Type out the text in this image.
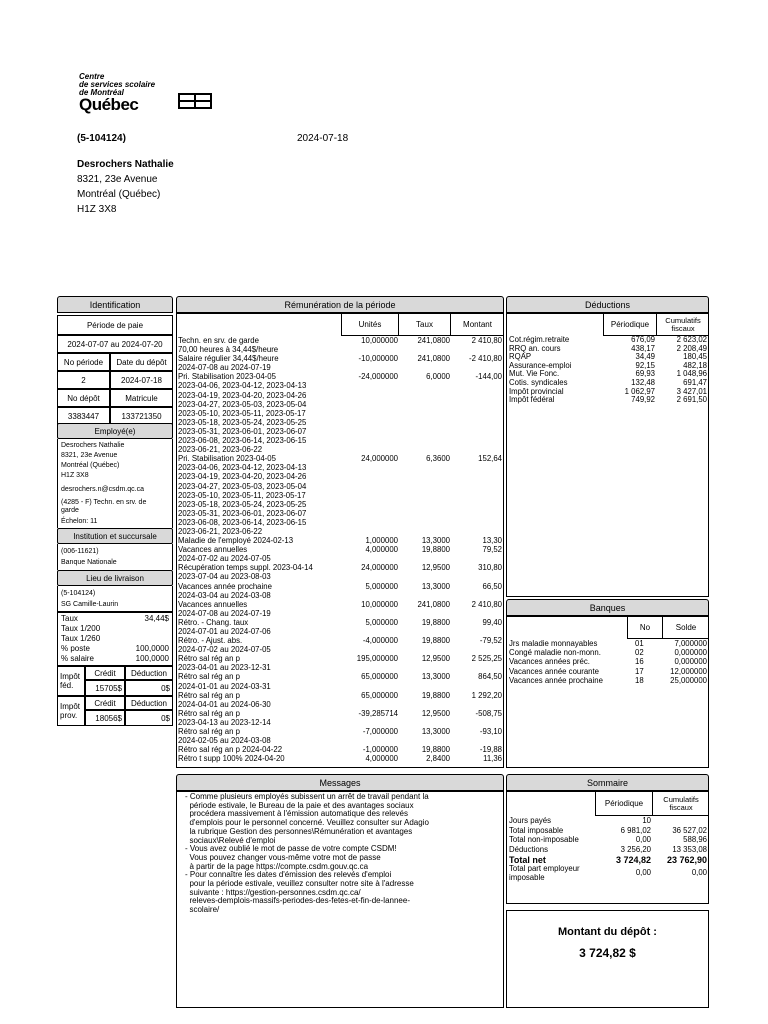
Centre
de services scolaire
de Montréal
Québec
(5-104124)	2024-07-18
Desrochers Nathalie
8321, 23e Avenue
Montréal (Québec)
H1Z 3X8
Identification
Période de paie
2024-07-07 au 2024-07-20
No période Date du dépôt
2	2024-07-18
No dépôt	Matricule
3383447	133721350
Employé(e)
Desrochers Nathalie
8321, 23e Avenue
Montréal (Québec)
H1Z 3X8
desrochers.n@csdm.qc.ca
(4285 - F) Techn. en srv. de
garde
Échelon: 11
Institution et succursale
(006-11621)
Banque Nationale
Lieu de livraison
(5-104124)
SG Camille-Laurin
Taux	34,44$
Taux 1/200
Taux 1/260
% poste	100,0000
% salaire	100,0000
Impôt
féd.
Crédit Déduction
15705$	0$
Impôt
prov.
Crédit Déduction
18056$	0$
Rémunération de la période
Unités	Taux	Montant
Techn. en srv. de garde	10,000000	241,0800	2 410,80
70,00 heures à 34,44$/heure
Salaire régulier 34,44$/heure	-10,000000	241,0800	-2 410,80
2024-07-08 au 2024-07-19
Pri. Stabilisation 2023-04-05	-24,000000	6,0000	-144,00
2023-04-06, 2023-04-12, 2023-04-13
2023-04-19, 2023-04-20, 2023-04-26
2023-04-27, 2023-05-03, 2023-05-04
2023-05-10, 2023-05-11, 2023-05-17
2023-05-18, 2023-05-24, 2023-05-25
2023-05-31, 2023-06-01, 2023-06-07
2023-06-08, 2023-06-14, 2023-06-15
2023-06-21, 2023-06-22
Pri. Stabilisation 2023-04-05	24,000000	6,3600	152,64
2023-04-06, 2023-04-12, 2023-04-13
2023-04-19, 2023-04-20, 2023-04-26
2023-04-27, 2023-05-03, 2023-05-04
2023-05-10, 2023-05-11, 2023-05-17
2023-05-18, 2023-05-24, 2023-05-25
2023-05-31, 2023-06-01, 2023-06-07
2023-06-08, 2023-06-14, 2023-06-15
2023-06-21, 2023-06-22
Maladie de l'employé 2024-02-13	1,000000	13,3000	13,30
Vacances annuelles	4,000000	19,8800	79,52
2024-07-02 au 2024-07-05
Récupération temps suppl. 2023-04-14	24,000000	12,9500	310,80
2023-07-04 au 2023-08-03
Vacances année prochaine	5,000000	13,3000	66,50
2024-03-04 au 2024-03-08
Vacances annuelles	10,000000	241,0800	2 410,80
2024-07-08 au 2024-07-19
Rétro. - Chang. taux	5,000000	19,8800	99,40
2024-07-01 au 2024-07-06
Rétro. - Ajust. abs.	-4,000000	19,8800	-79,52
2024-07-02 au 2024-07-05
Rétro sal rég an p	195,000000	12,9500	2 525,25
2023-04-01 au 2023-12-31
Rétro sal rég an p	65,000000	13,3000	864,50
2024-01-01 au 2024-03-31
Rétro sal rég an p	65,000000	19,8800	1 292,20
2024-04-01 au 2024-06-30
Rétro sal rég an p	-39,285714	12,9500	-508,75
2023-04-13 au 2023-12-14
Rétro sal rég an p	-7,000000	13,3000	-93,10
2024-02-05 au 2024-03-08
Rétro sal rég an p 2024-04-22	-1,000000	19,8800	-19,88
Rétro t supp 100% 2024-04-20	4,000000	2,8400	11,36
Déductions
Périodique	Cumulatifs fiscaux
Cot.régim.retraite	676,09	2 623,02
RRQ an. cours	438,17	2 208,49
RQAP	34,49	180,45
Assurance-emploi	92,15	482,18
Mut. Vie Fonc.	69,93	1 048,96
Cotis. syndicales	132,48	691,47
Impôt provincial	1 062,97	3 427,01
Impôt fédéral	749,92	2 691,50
Banques
No	Solde
Jrs maladie monnayables	01	7,000000
Congé maladie non-monn.	02	0,000000
Vacances années préc.	16	0,000000
Vacances année courante	17	12,000000
Vacances année prochaine	18	25,000000
Messages
- Comme plusieurs employés subissent un arrêt de travail pendant la
période estivale, le Bureau de la paie et des avantages sociaux
procédera massivement à l'émission automatique des relevés
d'emplois pour le personnel concerné. Veuillez consulter sur Adagio
la rubrique Gestion des personnes\Rémunération et avantages
sociaux\Relevé d'emploi
- Vous avez oublié le mot de passe de votre compte CSDM!
Vous pouvez changer vous-même votre mot de passe
à partir de la page https://compte.csdm.gouv.qc.ca
- Pour connaître les dates d'émission des relevés d'emploi
pour la période estivale, veuillez consulter notre site à l'adresse
suivante : https://gestion-personnes.csdm.qc.ca/
releves-demplois-massifs-periodes-des-fetes-et-fin-de-lannee-
scolaire/
Sommaire
Périodique	Cumulatifs fiscaux
Jours payés	10
Total imposable	6 981,02	36 527,02
Total non-imposable	0,00	588,96
Déductions	3 256,20	13 353,08
Total net	3 724,82	23 762,90
Total part employeur imposable	0,00	0,00
Montant du dépôt :
3 724,82 $
